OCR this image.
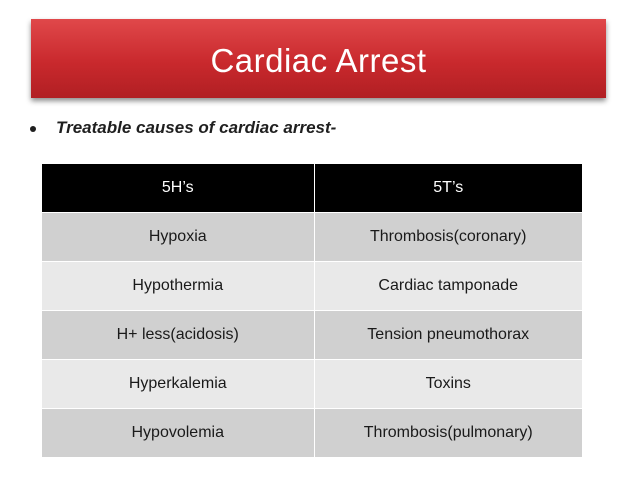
Cardiac Arrest
Treatable causes of cardiac arrest-
5H’s	5T’s
Hypoxia	Thrombosis(coronary)
Hypothermia	Cardiac tamponade
H+ less(acidosis)	Tension pneumothorax
Hyperkalemia	Toxins
Hypovolemia	Thrombosis(pulmonary)
